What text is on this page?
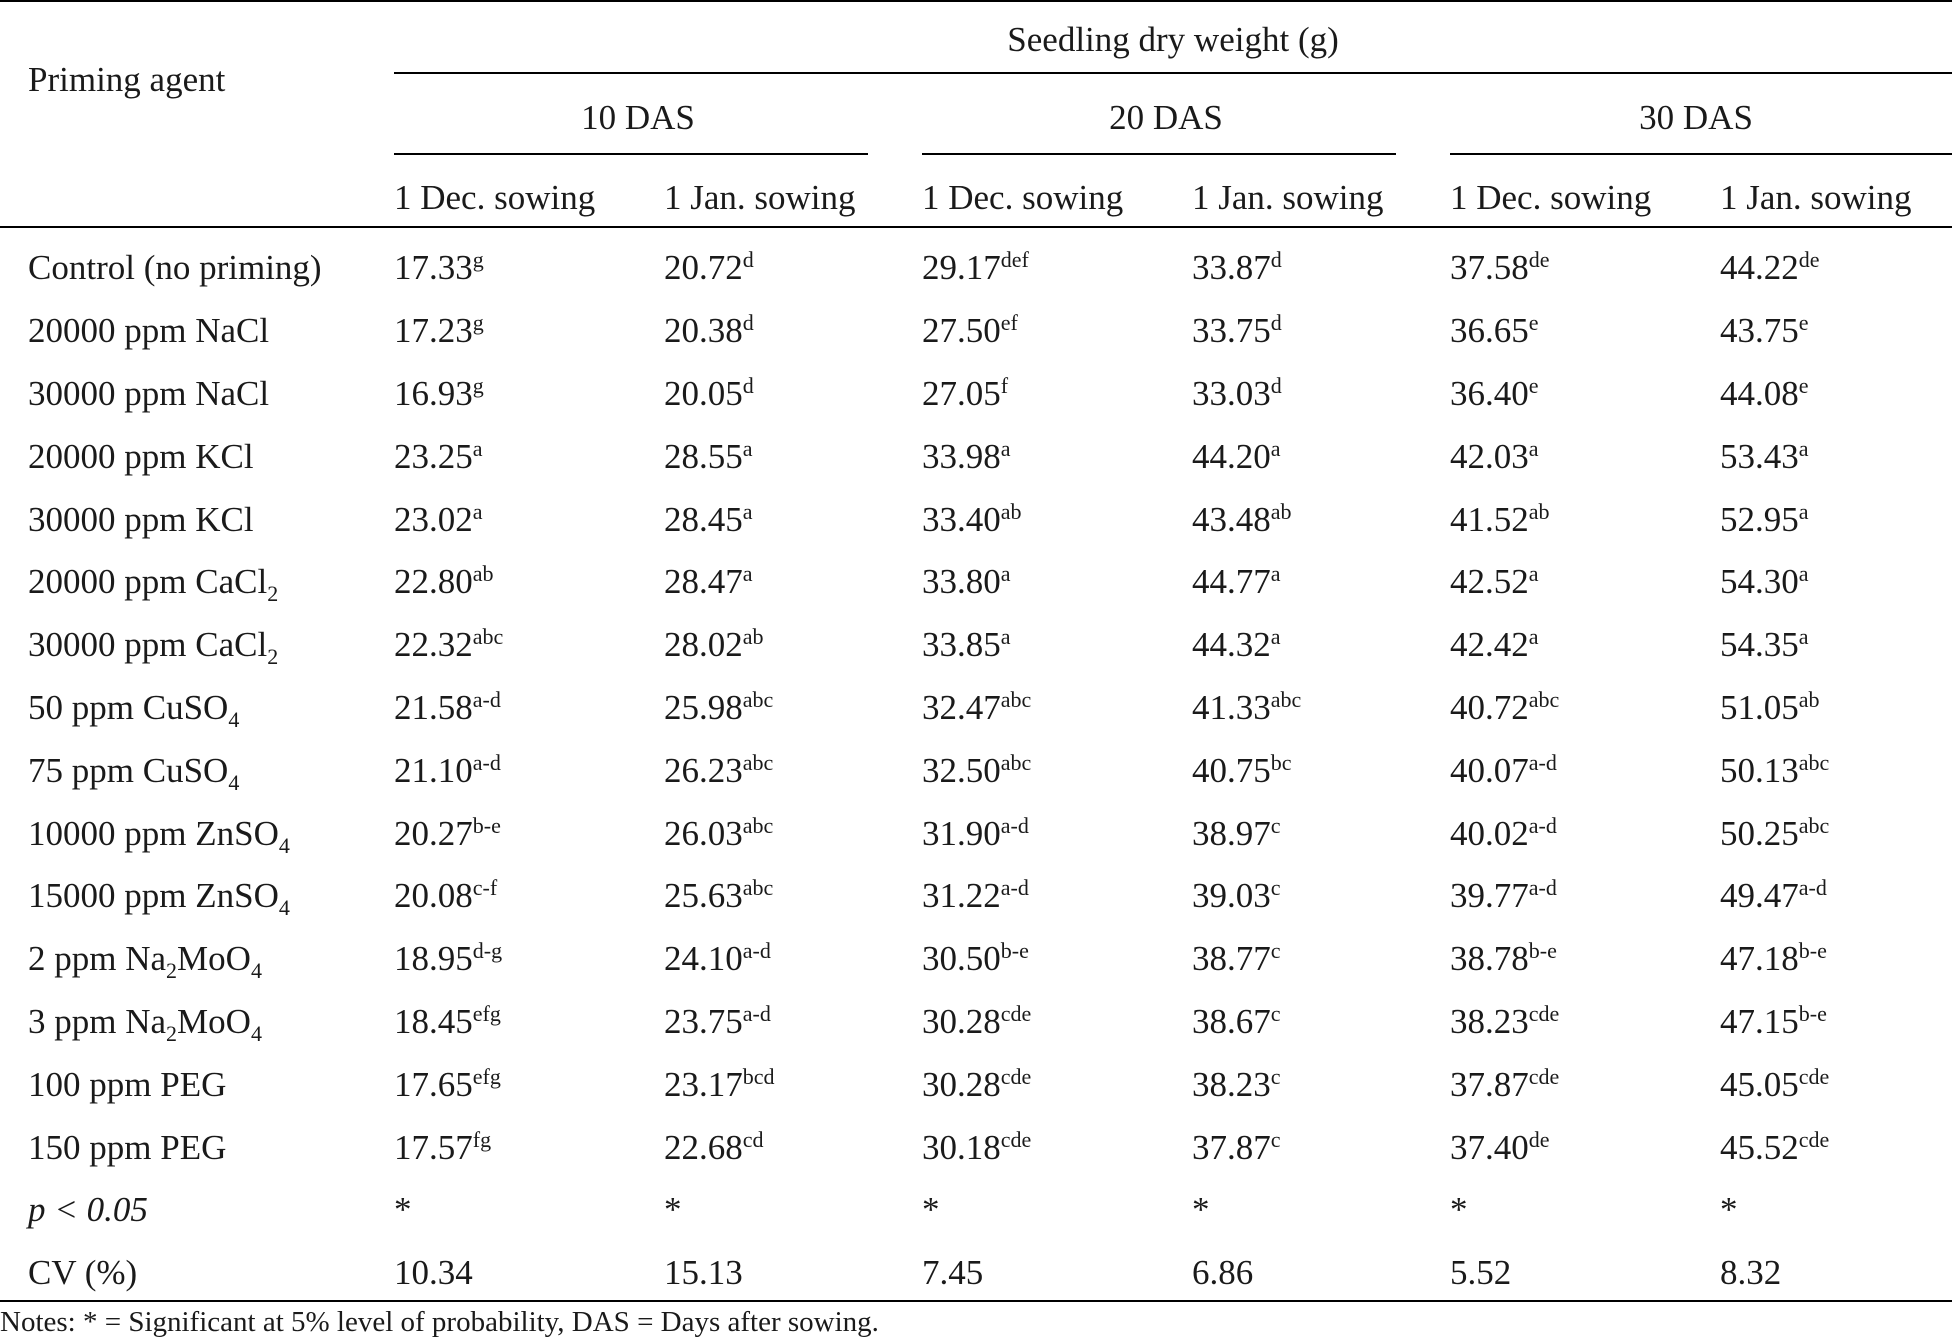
Priming agent	Seedling dry weight (g)					
	10 DAS		20 DAS		30 DAS	
	1 Dec. sowing	1 Jan. sowing	1 Dec. sowing	1 Jan. sowing	1 Dec. sowing	1 Jan. sowing
Control (no priming)	17.33$^g$	20.72$^d$	29.17$^{def}$	33.87$^d$	37.58de	44.22de
20000 ppm NaCl	17.23$^g$	20.38$^d$	27.50$^{ef}$	33.75$^d$	36.65e	43.75e
30000 ppm NaCl	16.93$^g$	20.05$^d$	27.05$^f$	33.03$^d$	36.40e	44.08e
20000 ppm KCl	23.25$^a$	28.55$^a$	33.98$^a$	44.20$^a$	42.03$^a$	53.43$^a$
30000 ppm KCl	23.02$^a$	28.45$^a$	33.40$^{ab}$	43.48$^{ab}$	41.52$^{ab}$	52.95$^a$
20000 ppm CaCl$_2$	22.80$^{ab}$	28.47$^a$	33.80$^a$	44.77$^a$	42.52$^a$	54.30$^a$
30000 ppm CaCl$_2$	22.32$^{abc}$	28.02$^{ab}$	33.85$^a$	44.32$^a$	42.42$^a$	54.35$^a$
50 ppm CuSO$_4$	21.58$^{a-d}$	25.98$^{abc}$	32.47$^{abc}$	41.33$^{abc}$	40.72$^{abc}$	51.05$^{ab}$
75 ppm CuSO$_4$	21.10$^{a-d}$	26.23$^{abc}$	32.50$^{abc}$	40.75$^{bc}$	40.07$^{a-d}$	50.13$^{abc}$
10000 ppm ZnSO$_4$	20.27$^{b-e}$	26.03$^{abc}$	31.90$^{a-d}$	38.97$^c$	40.02$^{a-d}$	50.25$^{abc}$
15000 ppm ZnSO$_4$	20.08$^{c-f}$	25.63$^{abc}$	31.22$^{a-d}$	39.03$^c$	39.77$^{a-d}$	49.47$^{a-d}$
2 ppm $Na_2MoO_4$	18.95$^{d-g}$	24.10$^{a-d}$	30.50$^{b-e}$	38.77$^c$	38.78$^{b-e}$	47.18$^{b-e}$
3 ppm $Na_2MoO_4$	18.45$^{efg}$	23.75$^{a-d}$	30.28$^{cde}$	38.67$^c$	38.23$^{cde}$	47.15$^{b-e}$
100 ppm PEG	17.65$^{efg}$	23.17$^{bcd}$	30.28$^{cde}$	38.23$^c$	37.87$^{cde}$	45.05$^{cde}$
150 ppm PEG	17.57$^{fg}$	22.68$^{cd}$	30.18$^{cde}$	37.87$^c$	37.40de	45.52$^{cde}$
p < 0.05	*	*	*	*	*	*
CV (%)	10.34	15.13	7.45	6.86	5.52	8.32
Notes: * = Significant at 5% level of probability, DAS = Days after sowing.
